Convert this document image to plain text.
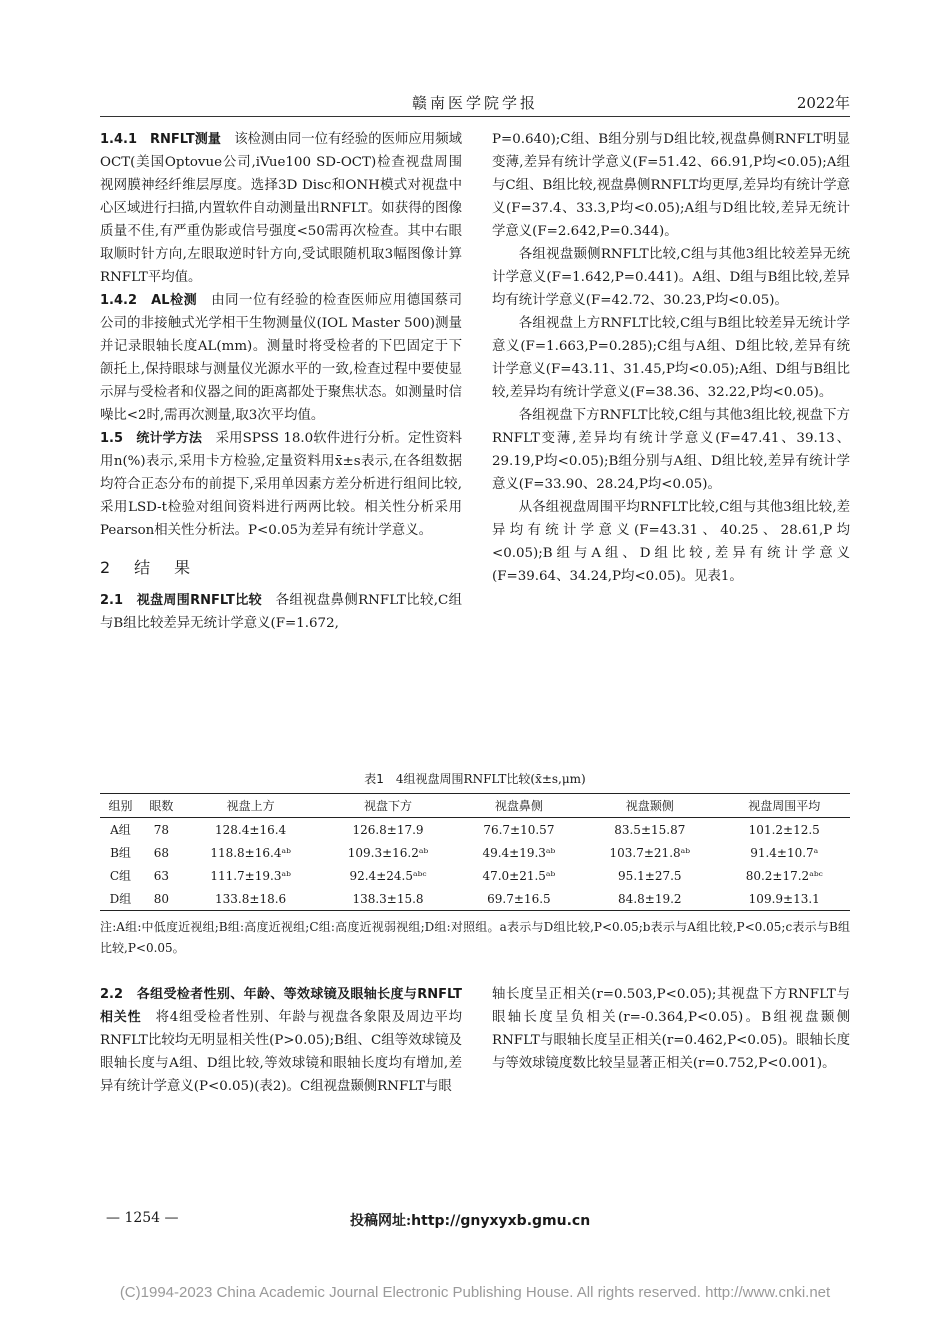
赣南医学院学报	2022年

1.4.1　RNFLT测量　该检测由同一位有经验的医师应用频域OCT(美国Optovue公司,iVue100 SD-OCT)检查视盘周围视网膜神经纤维层厚度。选择3D Disc和ONH模式对视盘中心区域进行扫描,内置软件自动测量出RNFLT。如获得的图像质量不佳,有严重伪影或信号强度<50需再次检查。其中右眼取顺时针方向,左眼取逆时针方向,受试眼随机取3幅图像计算RNFLT平均值。

1.4.2　AL检测　由同一位有经验的检查医师应用德国蔡司公司的非接触式光学相干生物测量仪(IOL Master 500)测量并记录眼轴长度AL(mm)。测量时将受检者的下巴固定于下颌托上,保持眼球与测量仪光源水平的一致,检查过程中要使显示屏与受检者和仪器之间的距离都处于聚焦状态。如测量时信噪比<2时,需再次测量,取3次平均值。

1.5　统计学方法　采用SPSS 18.0软件进行分析。定性资料用n(%)表示,采用卡方检验,定量资料用x̄±s表示,在各组数据均符合正态分布的前提下,采用单因素方差分析进行组间比较,采用LSD-t检验对组间资料进行两两比较。相关性分析采用Pearson相关性分析法。P<0.05为差异有统计学意义。

2　结　果

2.1　视盘周围RNFLT比较　各组视盘鼻侧RNFLT比较,C组与B组比较差异无统计学意义(F=1.672,

P=0.640);C组、B组分别与D组比较,视盘鼻侧RNFLT明显变薄,差异有统计学意义(F=51.42、66.91,P均<0.05);A组与C组、B组比较,视盘鼻侧RNFLT均更厚,差异均有统计学意义(F=37.4、33.3,P均<0.05);A组与D组比较,差异无统计学意义(F=2.642,P=0.344)。

各组视盘颞侧RNFLT比较,C组与其他3组比较差异无统计学意义(F=1.642,P=0.441)。A组、D组与B组比较,差异均有统计学意义(F=42.72、30.23,P均<0.05)。

各组视盘上方RNFLT比较,C组与B组比较差异无统计学意义(F=1.663,P=0.285);C组与A组、D组比较,差异有统计学意义(F=43.11、31.45,P均<0.05);A组、D组与B组比较,差异均有统计学意义(F=38.36、32.22,P均<0.05)。

各组视盘下方RNFLT比较,C组与其他3组比较,视盘下方RNFLT变薄,差异均有统计学意义(F=47.41、39.13、29.19,P均<0.05);B组分别与A组、D组比较,差异有统计学意义(F=33.90、28.24,P均<0.05)。

从各组视盘周围平均RNFLT比较,C组与其他3组比较,差异均有统计学意义(F=43.31、40.25、28.61,P均<0.05);B组与A组、D组比较,差异有统计学意义(F=39.64、34.24,P均<0.05)。见表1。

表1　4组视盘周围RNFLT比较(x̄±s,μm)
组别	眼数	视盘上方	视盘下方	视盘鼻侧	视盘颞侧	视盘周围平均
A组	78	128.4±16.4	126.8±17.9	76.7±10.57	83.5±15.87	101.2±12.5
B组	68	118.8±16.4ᵃᵇ	109.3±16.2ᵃᵇ	49.4±19.3ᵃᵇ	103.7±21.8ᵃᵇ	91.4±10.7ᵃ
C组	63	111.7±19.3ᵃᵇ	92.4±24.5ᵃᵇᶜ	47.0±21.5ᵃᵇ	95.1±27.5	80.2±17.2ᵃᵇᶜ
D组	80	133.8±18.6	138.3±15.8	69.7±16.5	84.8±19.2	109.9±13.1
注:A组:中低度近视组;B组:高度近视组;C组:高度近视弱视组;D组:对照组。a表示与D组比较,P<0.05;b表示与A组比较,P<0.05;c表示与B组比较,P<0.05。

2.2　各组受检者性别、年龄、等效球镜及眼轴长度与RNFLT相关性　将4组受检者性别、年龄与视盘各象限及周边平均RNFLT比较均无明显相关性(P>0.05);B组、C组等效球镜及眼轴长度与A组、D组比较,等效球镜和眼轴长度均有增加,差异有统计学意义(P<0.05)(表2)。C组视盘颞侧RNFLT与眼

轴长度呈正相关(r=0.503,P<0.05);其视盘下方RNFLT与眼轴长度呈负相关(r=-0.364,P<0.05)。B组视盘颞侧RNFLT与眼轴长度呈正相关(r=0.462,P<0.05)。眼轴长度与等效球镜度数比较呈显著正相关(r=0.752,P<0.001)。

— 1254 —	投稿网址:http://gnyxyxb.gmu.cn
(C)1994-2023 China Academic Journal Electronic Publishing House. All rights reserved. http://www.cnki.net
